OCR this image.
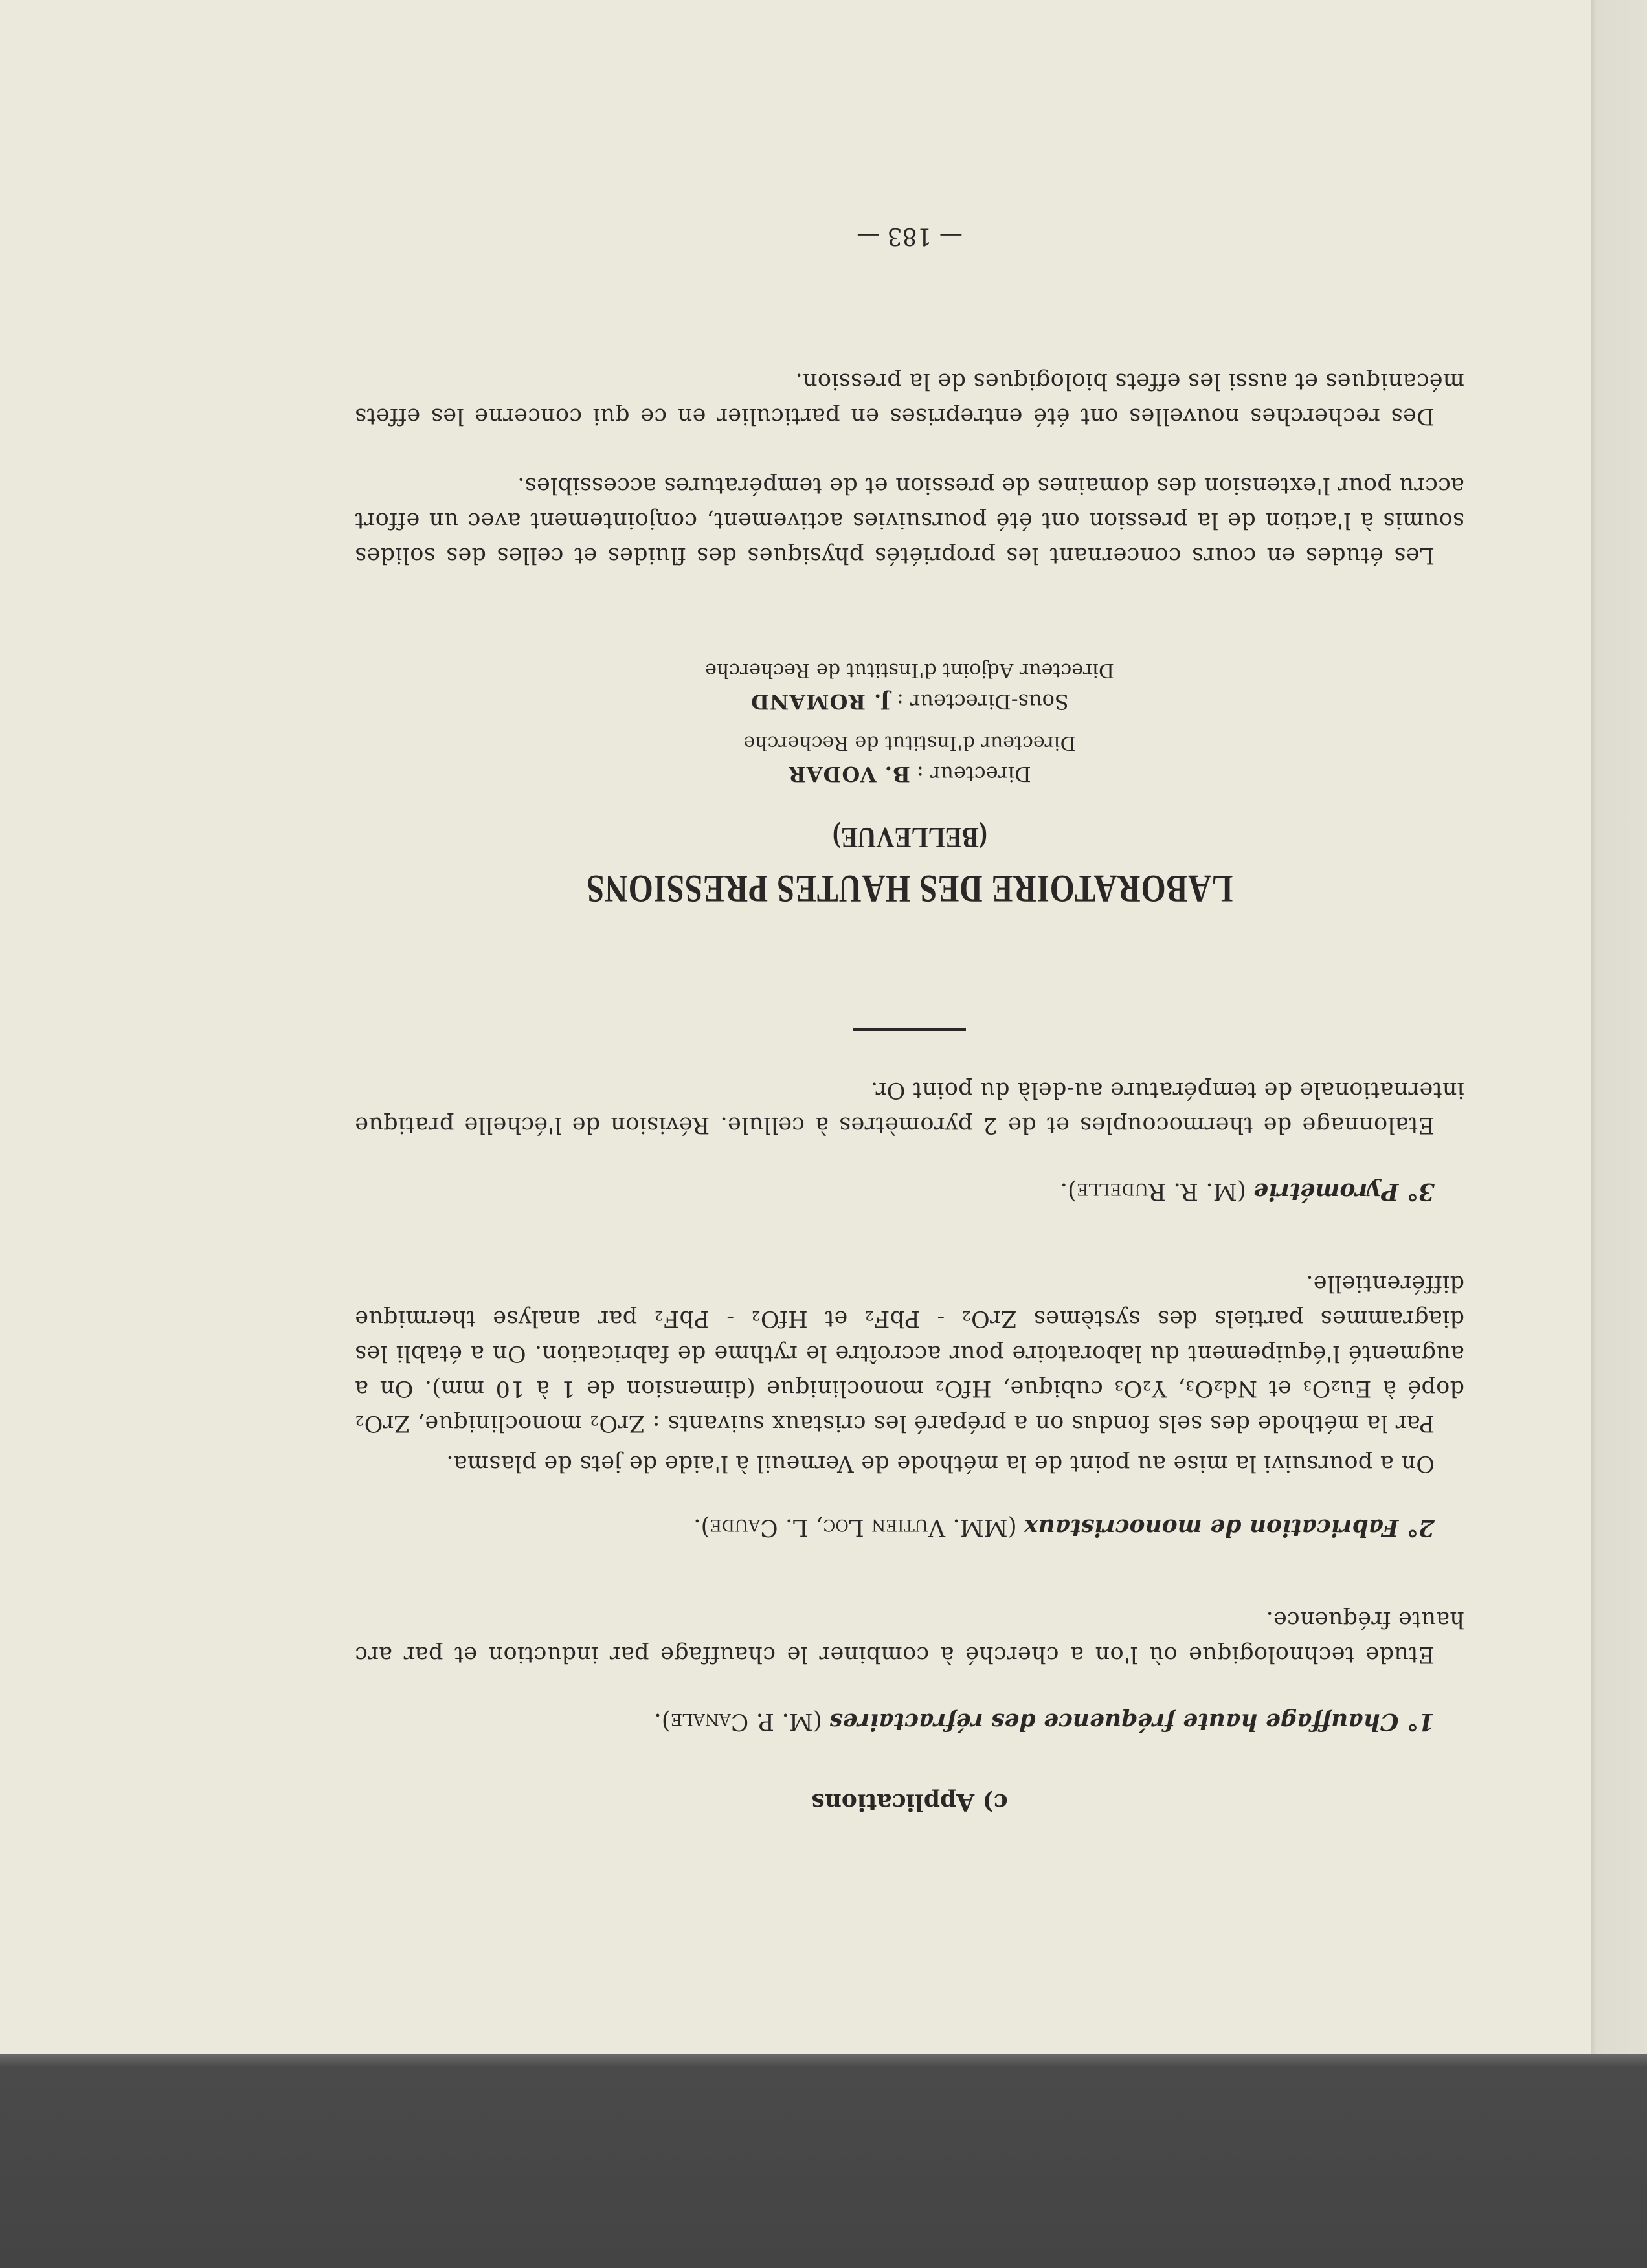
c) Applications
1° Chauffage haute fréquence des réfractaires (M. P. Canale).
Etude technologique où l'on a cherché à combiner le chauffage par induction et par arc haute fréquence.
2° Fabrication de monocristaux (MM. Vutien Loc, L. Caude).
On a poursuivi la mise au point de la méthode de Verneuil à l'aide de jets de plasma.
Par la méthode des sels fondus on a préparé les cristaux suivants : ZrO₂ monoclinique, ZrO₂ dopé à Eu₂O₃ et Nd₂O₃, Y₂O₃ cubique, HfO₂ monoclinique (dimension de 1 à 10 mm). On a augmenté l'équipement du laboratoire pour accroître le rythme de fabrication. On a établi les diagrammes partiels des systèmes ZrO₂ - PbF₂ et HfO₂ - PbF₂ par analyse thermique différentielle.
3° Pyrométrie (M. R. Rudelle).
Etalonnage de thermocouples et de 2 pyromètres à cellule. Révision de l'échelle pratique internationale de température au-delà du point Or.
LABORATOIRE DES HAUTES PRESSIONS
(BELLEVUE)
Directeur : B. VODAR
Directeur d'Institut de Recherche
Sous-Directeur : J. ROMAND
Directeur Adjoint d'Institut de Recherche
Les études en cours concernant les propriétés physiques des fluides et celles des solides soumis à l'action de la pression ont été poursuivies activement, conjointement avec un effort accru pour l'extension des domaines de pression et de températures accessibles.
Des recherches nouvelles ont été entreprises en particulier en ce qui concerne les effets mécaniques et aussi les effets biologiques de la pression.
— 183 —
